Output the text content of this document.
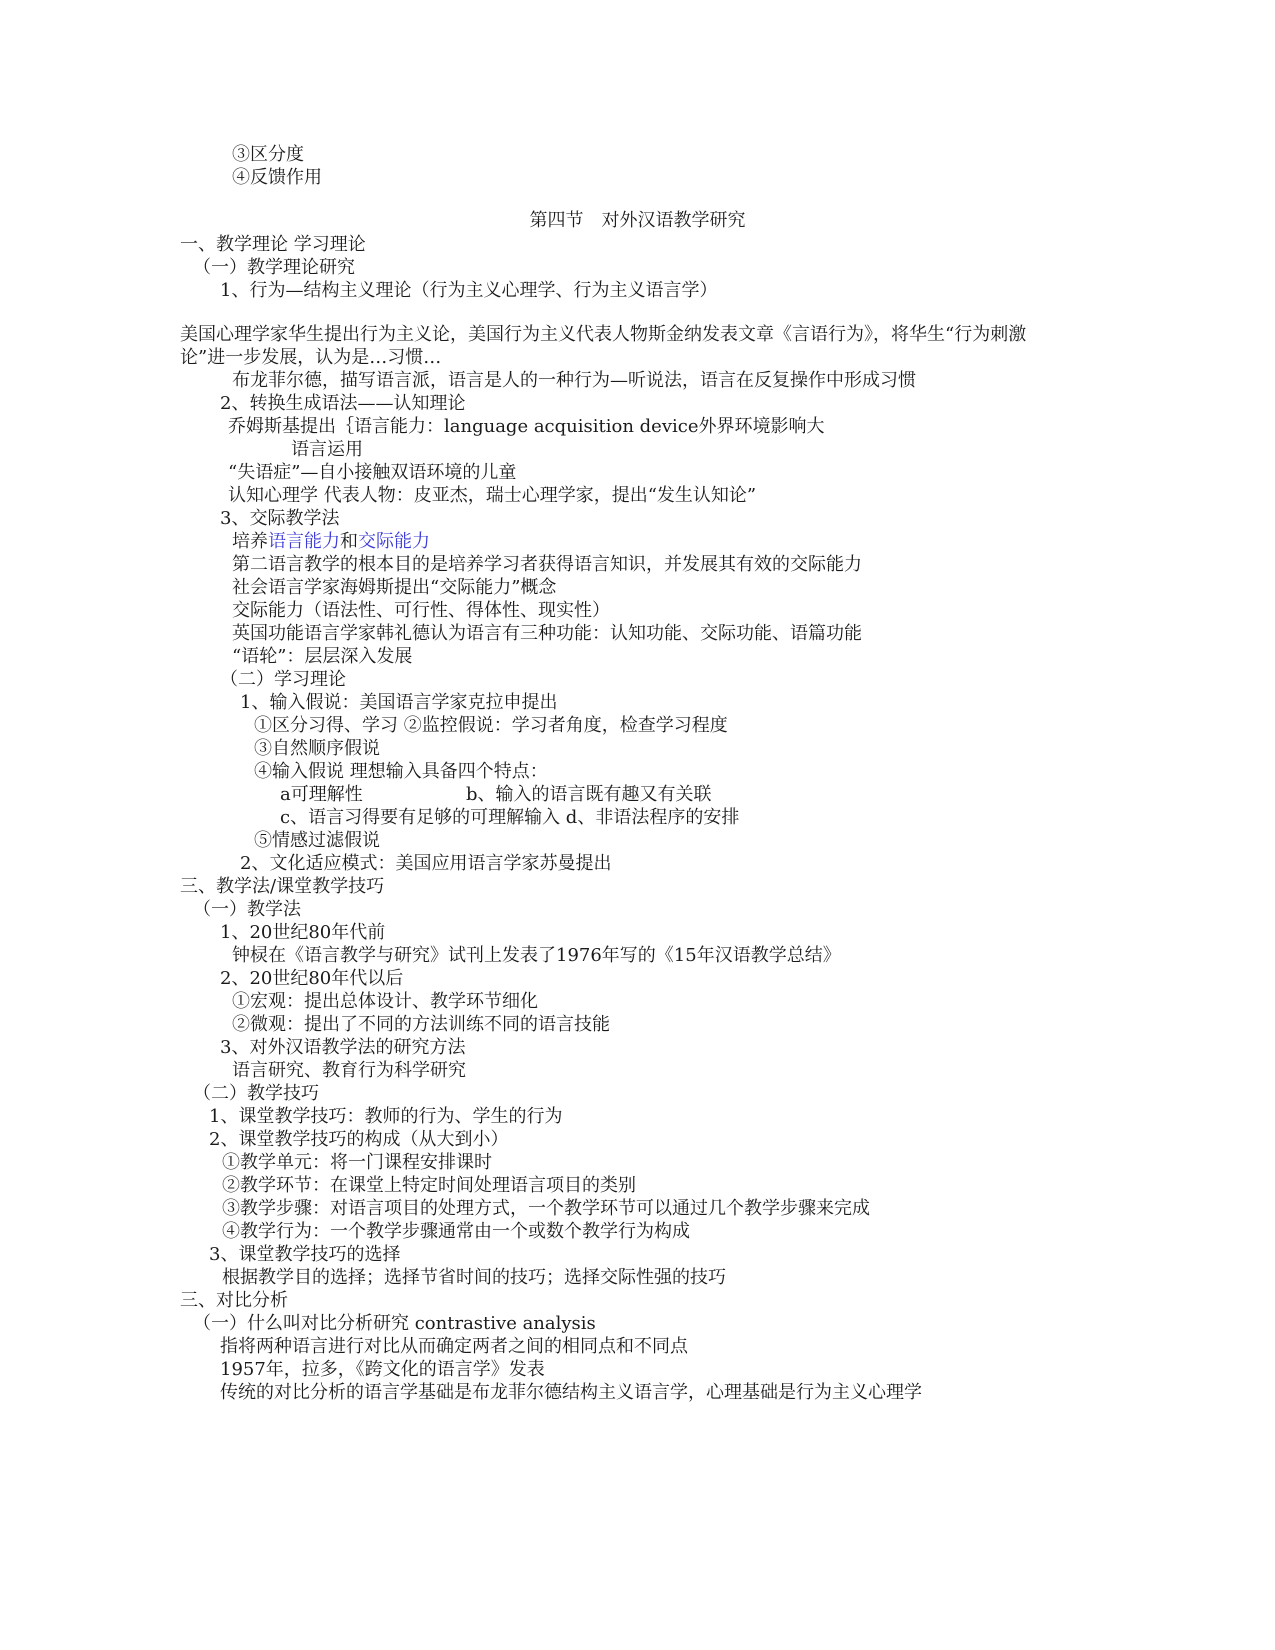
③区分度

④反馈作用

第四节　对外汉语教学研究

一、教学理论 学习理论

（一）教学理论研究

1、行为—结构主义理论（行为主义心理学、行为主义语言学）

美国心理学家华生提出行为主义论，美国行为主义代表人物斯金纳发表文章《言语行为》，将华生“行为刺激

论”进一步发展，认为是…习惯…

布龙菲尔德，描写语言派，语言是人的一种行为—听说法，语言在反复操作中形成习惯

2、转换生成语法——认知理论

乔姆斯基提出｛语言能力：language acquisition device外界环境影响大

语言运用

“失语症”—自小接触双语环境的儿童

认知心理学 代表人物：皮亚杰，瑞士心理学家，提出“发生认知论”

3、交际教学法

培养语言能力和交际能力

第二语言教学的根本目的是培养学习者获得语言知识，并发展其有效的交际能力

社会语言学家海姆斯提出“交际能力”概念

交际能力（语法性、可行性、得体性、现实性）

英国功能语言学家韩礼德认为语言有三种功能：认知功能、交际功能、语篇功能

“语轮”：层层深入发展

（二）学习理论

1、输入假说：美国语言学家克拉申提出

①区分习得、学习 ②监控假说：学习者角度，检查学习程度

③自然顺序假说

④输入假说 理想输入具备四个特点：

a可理解性	b、输入的语言既有趣又有关联

c、语言习得要有足够的可理解输入 d、非语法程序的安排

⑤情感过滤假说

2、文化适应模式：美国应用语言学家苏曼提出

三、教学法/课堂教学技巧

（一）教学法

1、20世纪80年代前

钟棂在《语言教学与研究》试刊上发表了1976年写的《15年汉语教学总结》

2、20世纪80年代以后

①宏观：提出总体设计、教学环节细化

②微观：提出了不同的方法训练不同的语言技能

3、对外汉语教学法的研究方法

语言研究、教育行为科学研究

（二）教学技巧

1、课堂教学技巧：教师的行为、学生的行为

2、课堂教学技巧的构成（从大到小）

①教学单元：将一门课程安排课时

②教学环节：在课堂上特定时间处理语言项目的类别

③教学步骤：对语言项目的处理方式，一个教学环节可以通过几个教学步骤来完成

④教学行为：一个教学步骤通常由一个或数个教学行为构成

3、课堂教学技巧的选择

根据教学目的选择；选择节省时间的技巧；选择交际性强的技巧

三、对比分析

（一）什么叫对比分析研究 contrastive analysis

指将两种语言进行对比从而确定两者之间的相同点和不同点

1957年，拉多，《跨文化的语言学》发表

传统的对比分析的语言学基础是布龙菲尔德结构主义语言学，心理基础是行为主义心理学
